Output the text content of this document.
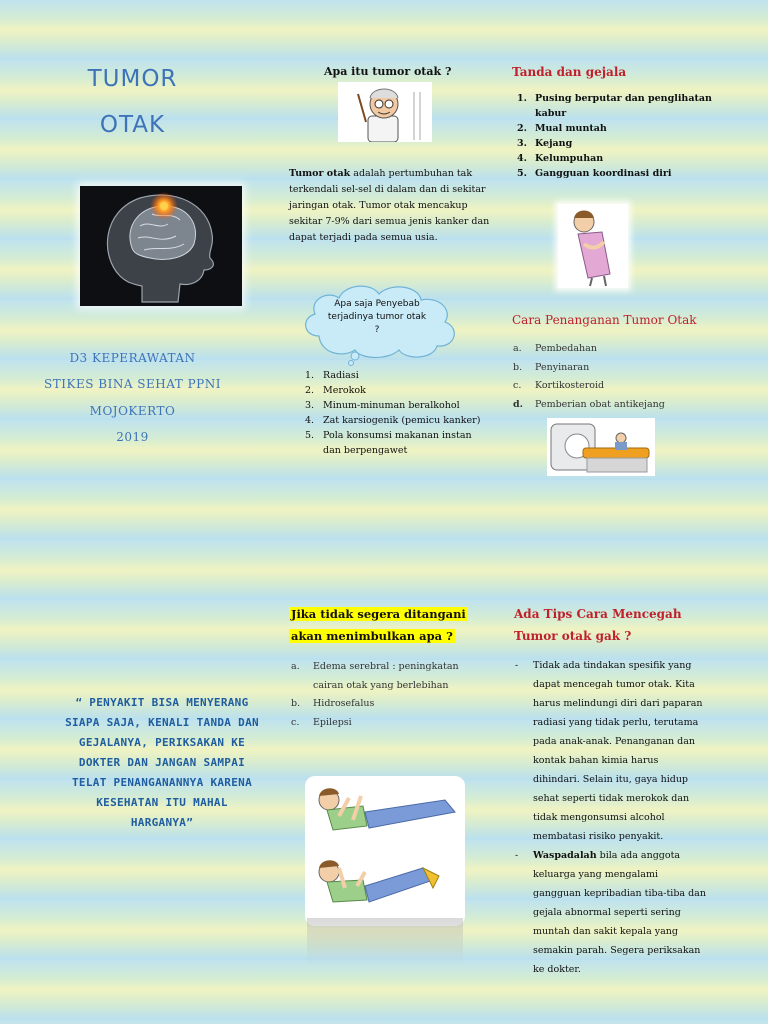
TUMOR
OTAK
D3 KEPERAWATAN
STIKES BINA SEHAT PPNI
MOJOKERTO
2019
Apa itu tumor otak ?
Tumor otak adalah pertumbuhan tak terkendali sel-sel di dalam dan di sekitar jaringan otak. Tumor otak mencakup sekitar 7-9% dari semua jenis kanker dan dapat terjadi pada semua usia.
Apa saja Penyebab terjadinya tumor otak ?
1. Radiasi
2. Merokok
3. Minum-minuman beralkohol
4. Zat karsiogenik (pemicu kanker)
5. Pola konsumsi makanan instan dan berpengawet
Tanda dan gejala
1. Pusing berputar dan penglihatan kabur
2. Mual muntah
3. Kejang
4. Kelumpuhan
5. Gangguan koordinasi diri
Cara Penanganan Tumor Otak
a. Pembedahan
b. Penyinaran
c. Kortikosteroid
d. Pemberian obat antikejang
“ PENYAKIT BISA MENYERANG SIAPA SAJA, KENALI TANDA DAN GEJALANYA, PERIKSAKAN KE DOKTER DAN JANGAN SAMPAI TELAT PENANGANANNYA KARENA KESEHATAN ITU MAHAL HARGANYA”
Jika tidak segera ditangani
akan menimbulkan apa ?
a. Edema serebral : peningkatan cairan otak yang berlebihan
b. Hidrosefalus
c. Epilepsi
Ada Tips Cara Mencegah Tumor otak gak ?
- Tidak ada tindakan spesifik yang dapat mencegah tumor otak. Kita harus melindungi diri dari paparan radiasi yang tidak perlu, terutama pada anak-anak. Penanganan dan kontak bahan kimia harus dihindari. Selain itu, gaya hidup sehat seperti tidak merokok dan tidak mengonsumsi alcohol membatasi risiko penyakit.
- Waspadalah bila ada anggota keluarga yang mengalami gangguan kepribadian tiba-tiba dan gejala abnormal seperti sering muntah dan sakit kepala yang semakin parah. Segera periksakan ke dokter.
